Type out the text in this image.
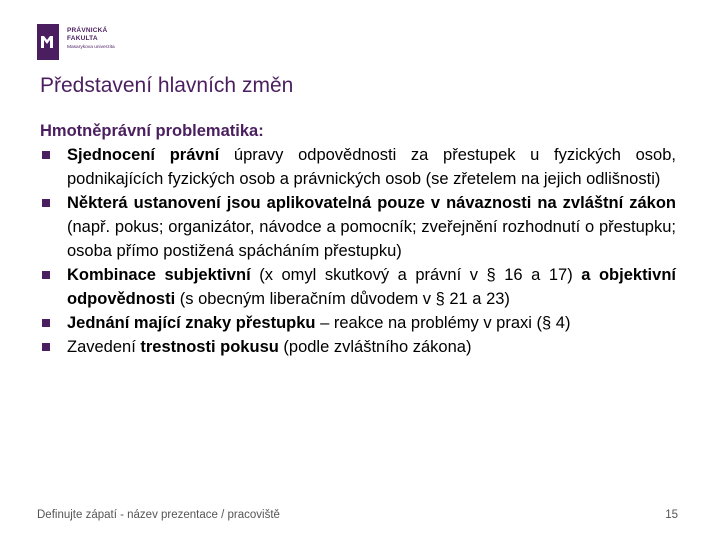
PRÁVNICKÁ
FAKULTA
Masarykova univerzita
Představení hlavních změn
Hmotněprávní problematika:
Sjednocení právní úpravy odpovědnosti za přestupek u fyzických osob, podnikajících fyzických osob a právnických osob (se zřetelem na jejich odlišnosti)
Některá ustanovení jsou aplikovatelná pouze v návaznosti na zvláštní zákon (např. pokus; organizátor, návodce a pomocník; zveřejnění rozhodnutí o přestupku; osoba přímo postižená spácháním přestupku)
Kombinace subjektivní (x omyl skutkový a právní v § 16 a 17) a objektivní odpovědnosti (s obecným liberačním důvodem v § 21 a 23)
Jednání mající znaky přestupku – reakce na problémy v praxi (§ 4)
Zavedení trestnosti pokusu (podle zvláštního zákona)
Definujte zápatí - název prezentace / pracoviště	15
